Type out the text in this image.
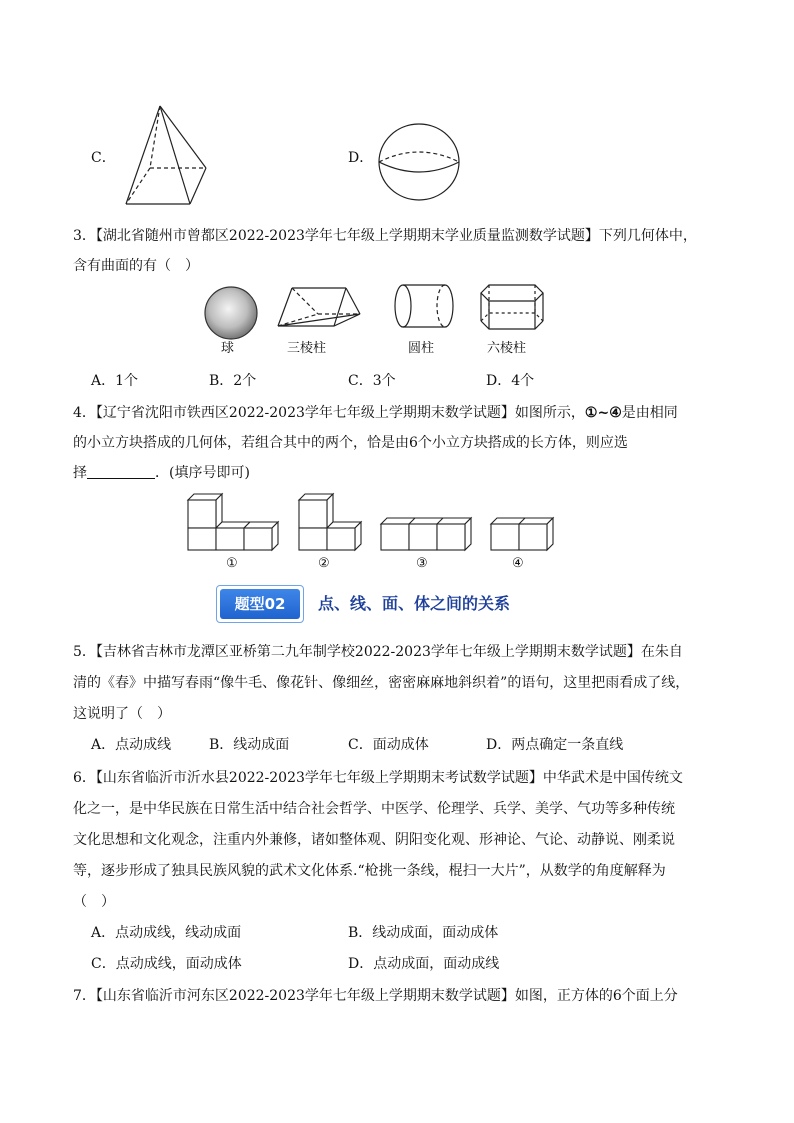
C．	D．
3．【湖北省随州市曾都区2022-2023学年七年级上学期期末学业质量监测数学试题】下列几何体中，
含有曲面的有（　）
球	三棱柱	圆柱	六棱柱
A．1个	B．2个	C．3个	D．4个
4．【辽宁省沈阳市铁西区2022-2023学年七年级上学期期末数学试题】如图所示，①~④是由相同
的小立方块搭成的几何体，若组合其中的两个，恰是由6个小立方块搭成的长方体，则应选
择	．(填序号即可)
①	②	③	④
题型02	点、线、面、体之间的关系
5．【吉林省吉林市龙潭区亚桥第二九年制学校2022-2023学年七年级上学期期末数学试题】在朱自
清的《春》中描写春雨“像牛毛、像花针、像细丝，密密麻麻地斜织着”的语句，这里把雨看成了线，
这说明了（　）
A．点动成线	B．线动成面	C．面动成体	D．两点确定一条直线
6．【山东省临沂市沂水县2022-2023学年七年级上学期期末考试数学试题】中华武术是中国传统文
化之一，是中华民族在日常生活中结合社会哲学、中医学、伦理学、兵学、美学、气功等多种传统
文化思想和文化观念，注重内外兼修，诸如整体观、阴阳变化观、形神论、气论、动静说、刚柔说
等，逐步形成了独具民族风貌的武术文化体系.“枪挑一条线，棍扫一大片”，从数学的角度解释为
（　）
A．点动成线，线动成面	B．线动成面，面动成体
C．点动成线，面动成体	D．点动成面，面动成线
7．【山东省临沂市河东区2022-2023学年七年级上学期期末数学试题】如图，正方体的6个面上分
